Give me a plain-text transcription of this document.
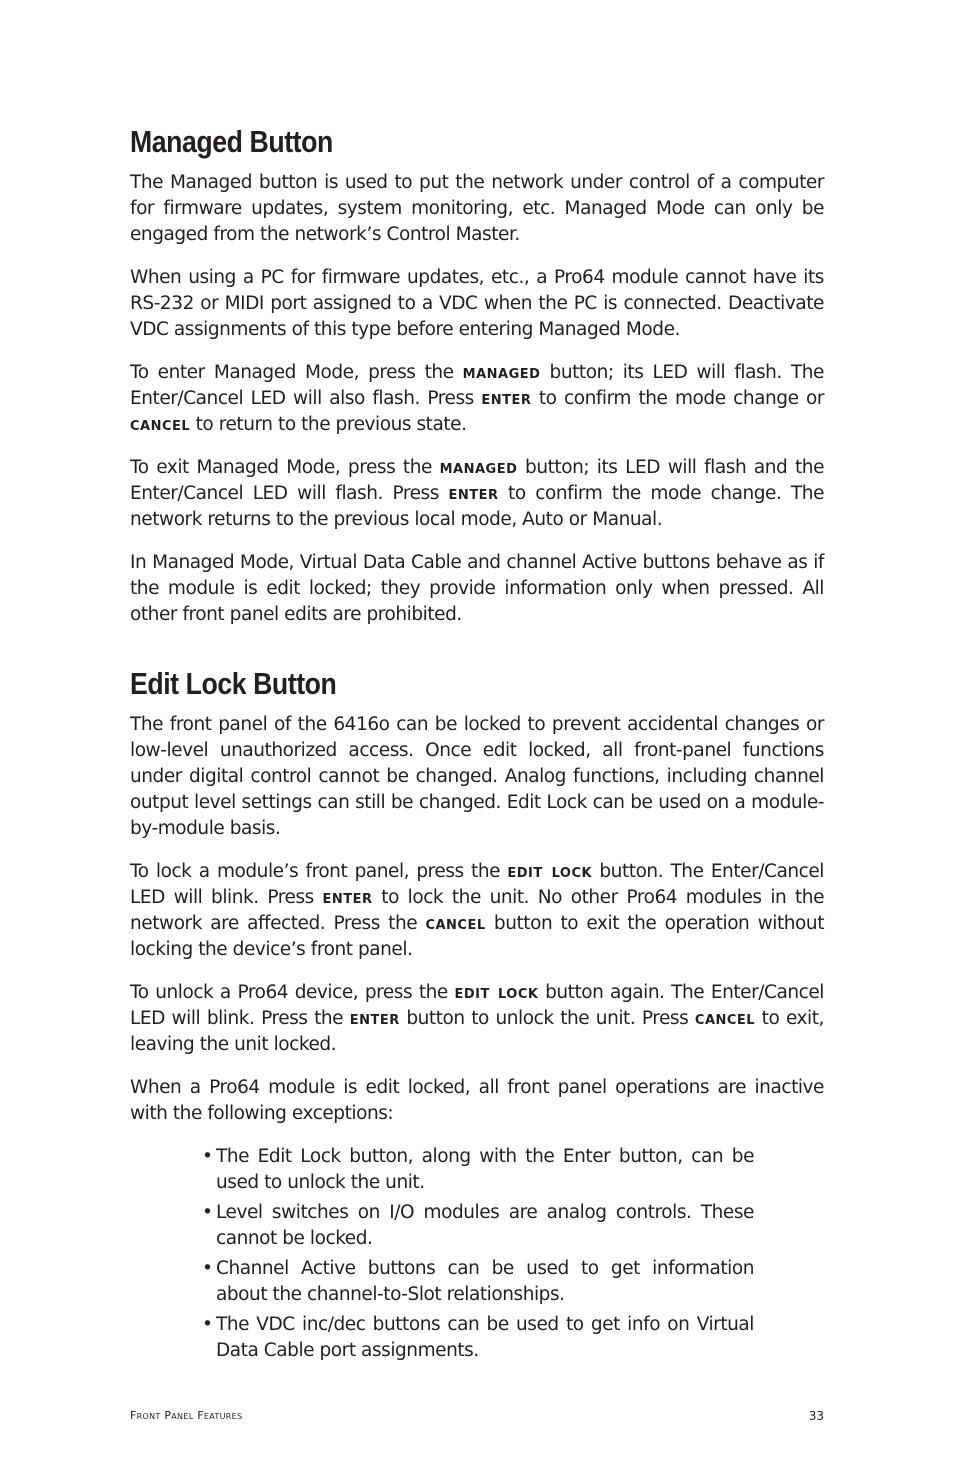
Managed Button

The Managed button is used to put the network under control of a computer for firmware updates, system monitoring, etc. Managed Mode can only be engaged from the network’s Control Master.

When using a PC for firmware updates, etc., a Pro64 module cannot have its RS-232 or MIDI port assigned to a VDC when the PC is connected. Deactivate VDC assignments of this type before entering Managed Mode.

To enter Managed Mode, press the managed button; its LED will flash. The Enter/Cancel LED will also flash. Press enter to confirm the mode change or cancel to return to the previous state.

To exit Managed Mode, press the managed button; its LED will flash and the Enter/Cancel LED will flash. Press enter to confirm the mode change. The network returns to the previous local mode, Auto or Manual.

In Managed Mode, Virtual Data Cable and channel Active buttons behave as if the module is edit locked; they provide information only when pressed. All other front panel edits are prohibited.

Edit Lock Button

The front panel of the 6416o can be locked to prevent accidental changes or low-level unauthorized access. Once edit locked, all front-panel functions under digital control cannot be changed. Analog functions, including channel output level settings can still be changed. Edit Lock can be used on a module-by-module basis.

To lock a module’s front panel, press the edit lock button. The Enter/Cancel LED will blink. Press enter to lock the unit. No other Pro64 modules in the network are affected. Press the cancel button to exit the operation without locking the device’s front panel.

To unlock a Pro64 device, press the edit lock button again. The Enter/Cancel LED will blink. Press the enter button to unlock the unit. Press cancel to exit, leaving the unit locked.

When a Pro64 module is edit locked, all front panel operations are inactive with the following exceptions:

• The Edit Lock button, along with the Enter button, can be used to unlock the unit.
• Level switches on I/O modules are analog controls. These cannot be locked.
• Channel Active buttons can be used to get information about the channel-to-Slot relationships.
• The VDC inc/dec buttons can be used to get info on Virtual Data Cable port assignments.
Front Panel Features	33
